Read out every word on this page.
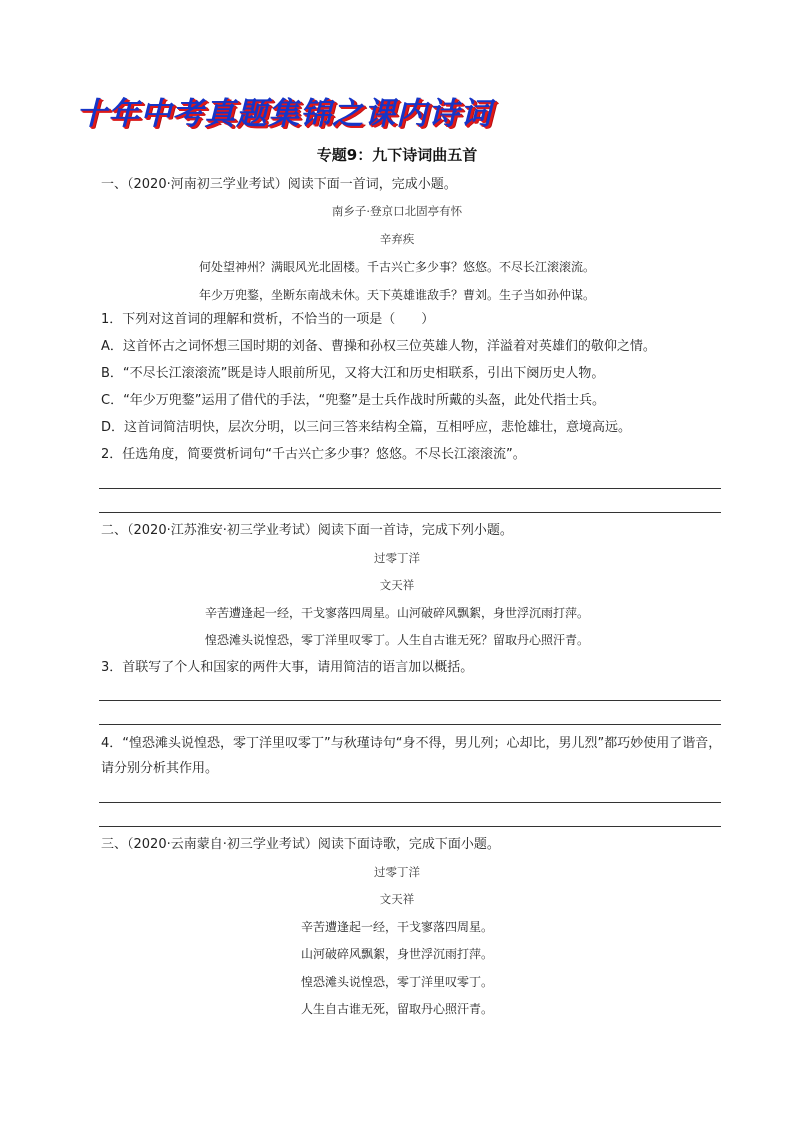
十年中考真题集锦之课内诗词
专题9：九下诗词曲五首
一、（2020·河南初三学业考试）阅读下面一首词，完成小题。
南乡子·登京口北固亭有怀
辛弃疾
何处望神州？满眼风光北固楼。千古兴亡多少事？悠悠。不尽长江滚滚流。
年少万兜鍪，坐断东南战未休。天下英雄谁敌手？曹刘。生子当如孙仲谋。
1．下列对这首词的理解和赏析，不恰当的一项是（　　）
A．这首怀古之词怀想三国时期的刘备、曹操和孙权三位英雄人物，洋溢着对英雄们的敬仰之情。
B．“不尽长江滚滚流”既是诗人眼前所见，又将大江和历史相联系，引出下阕历史人物。
C．“年少万兜鍪”运用了借代的手法，“兜鍪”是士兵作战时所戴的头盔，此处代指士兵。
D．这首词简洁明快，层次分明，以三问三答来结构全篇，互相呼应，悲怆雄壮，意境高远。
2．任选角度，简要赏析词句“千古兴亡多少事？悠悠。不尽长江滚滚流”。
二、（2020·江苏淮安·初三学业考试）阅读下面一首诗，完成下列小题。
过零丁洋
文天祥
辛苦遭逢起一经，干戈寥落四周星。山河破碎风飘絮，身世浮沉雨打萍。
惶恐滩头说惶恐，零丁洋里叹零丁。人生自古谁无死？留取丹心照汗青。
3．首联写了个人和国家的两件大事，请用简洁的语言加以概括。
4．“惶恐滩头说惶恐，零丁洋里叹零丁”与秋瑾诗句“身不得，男儿列；心却比，男儿烈”都巧妙使用了谐音，请分别分析其作用。
三、（2020·云南蒙自·初三学业考试）阅读下面诗歌，完成下面小题。
过零丁洋
文天祥
辛苦遭逢起一经，干戈寥落四周星。
山河破碎风飘絮，身世浮沉雨打萍。
惶恐滩头说惶恐，零丁洋里叹零丁。
人生自古谁无死，留取丹心照汗青。
